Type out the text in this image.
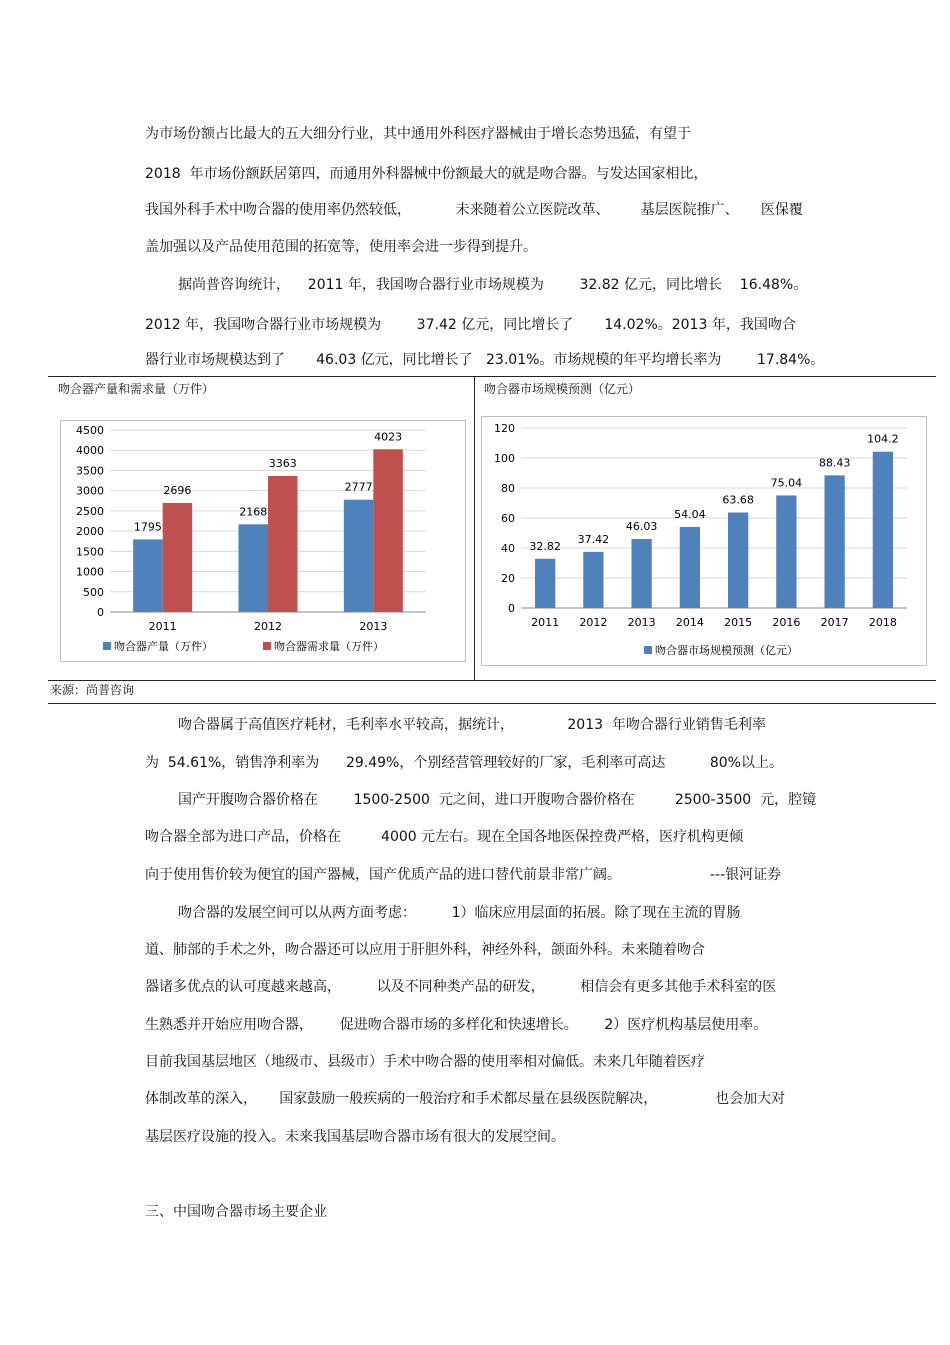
为市场份额占比最大的五大细分行业，其中通用外科医疗器械由于增长态势迅猛，有望于
2018  年市场份额跃居第四，而通用外科器械中份额最大的就是吻合器。与发达国家相比，
我国外科手术中吻合器的使用率仍然较低，          未来随着公立医院改革、       基层医院推广、     医保覆
盖加强以及产品使用范围的拓宽等，使用率会进一步得到提升。
据尚普咨询统计，    2011 年，我国吻合器行业市场规模为        32.82 亿元，同比增长    16.48%。
2012 年，我国吻合器行业市场规模为        37.42 亿元，同比增长了       14.02%。2013 年，我国吻合
器行业市场规模达到了       46.03 亿元，同比增长了   23.01%。市场规模的年平均增长率为        17.84%。
吻合器产量和需求量（万件）	吻合器市场规模预测（亿元）
4500
4000
3500
3000
2500
2000
1500
1000
500
0
1795
2696
2011
2168
3363
2012
2777
4023
2013
吻合器产量（万件）	吻合器需求量（万件）
120
100
80
60
40
20
0
32.82
2011
37.42
2012
46.03
2013
54.04
2014
63.68
2015
75.04
2016
88.43
2017
104.2
2018
吻合器市场规模预测（亿元）
来源：尚普咨询
吻合器属于高值医疗耗材，毛利率水平较高，据统计，            2013  年吻合器行业销售毛利率
为  54.61%，销售净利率为      29.49%，个别经营管理较好的厂家，毛利率可高达          80%以上。
国产开腹吻合器价格在        1500-2500  元之间，进口开腹吻合器价格在         2500-3500  元，腔镜
吻合器全部为进口产品，价格在         4000 元左右。现在全国各地医保控费严格，医疗机构更倾
向于使用售价较为便宜的国产器械，国产优质产品的进口替代前景非常广阔。                    ---银河证券
吻合器的发展空间可以从两方面考虑：        1）临床应用层面的拓展。除了现在主流的胃肠
道、肺部的手术之外，吻合器还可以应用于肝胆外科，神经外科，颌面外科。未来随着吻合
器诸多优点的认可度越来越高，        以及不同种类产品的研发，        相信会有更多其他手术科室的医
生熟悉并开始应用吻合器，      促进吻合器市场的多样化和快速增长。      2）医疗机构基层使用率。
目前我国基层地区（地级市、县级市）手术中吻合器的使用率相对偏低。未来几年随着医疗
体制改革的深入，     国家鼓励一般疾病的一般治疗和手术都尽量在县级医院解决，             也会加大对
基层医疗设施的投入。未来我国基层吻合器市场有很大的发展空间。
三、中国吻合器市场主要企业
